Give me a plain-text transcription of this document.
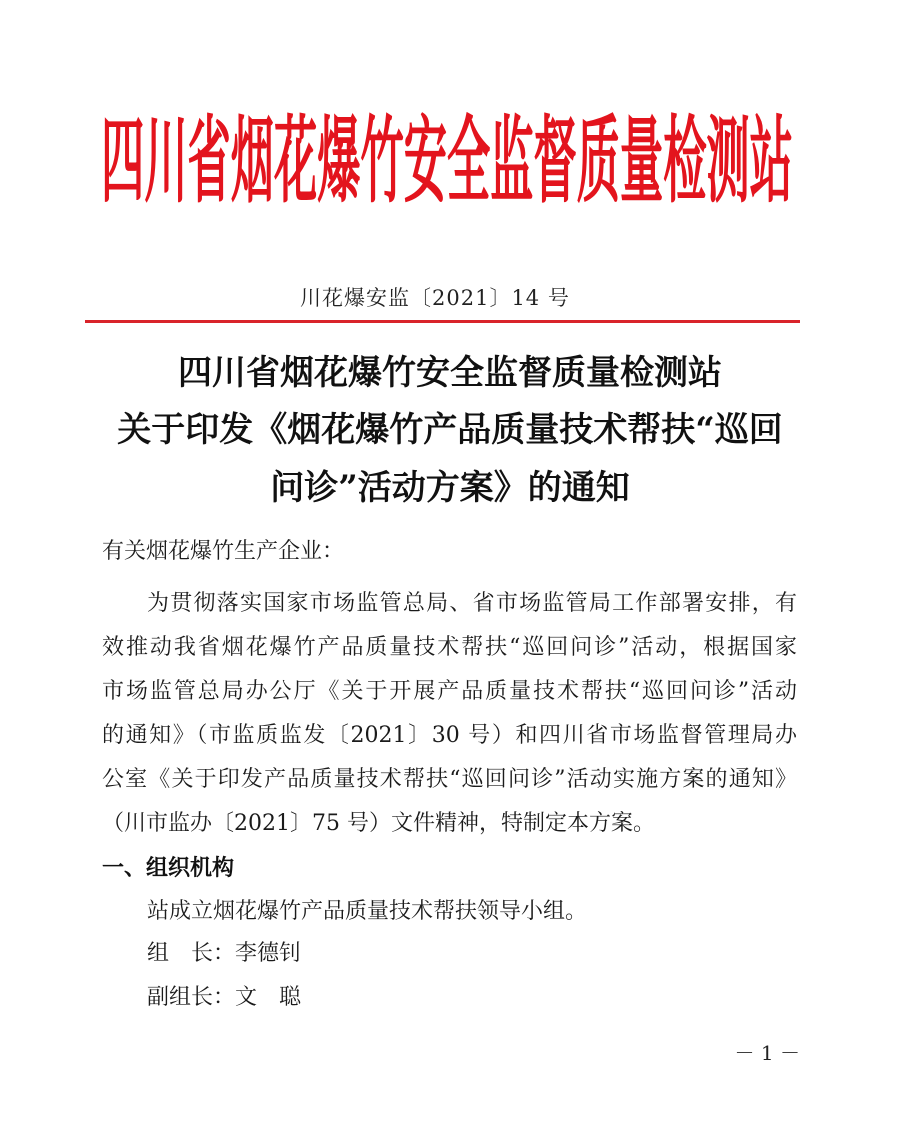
四川省烟花爆竹安全监督质量检测站
川花爆安监〔2021〕14 号
四川省烟花爆竹安全监督质量检测站
关于印发《烟花爆竹产品质量技术帮扶“巡回
问诊”活动方案》的通知
有关烟花爆竹生产企业：
为贯彻落实国家市场监管总局、省市场监管局工作部署安排，有
效推动我省烟花爆竹产品质量技术帮扶“巡回问诊”活动，根据国家
市场监管总局办公厅《关于开展产品质量技术帮扶“巡回问诊”活动
的通知》（市监质监发〔2021〕30 号）和四川省市场监督管理局办
公室《关于印发产品质量技术帮扶“巡回问诊”活动实施方案的通知》
（川市监办〔2021〕75 号）文件精神，特制定本方案。
一、组织机构
站成立烟花爆竹产品质量技术帮扶领导小组。
组　长：李德钊
副组长：文　聪
－ 1 －
